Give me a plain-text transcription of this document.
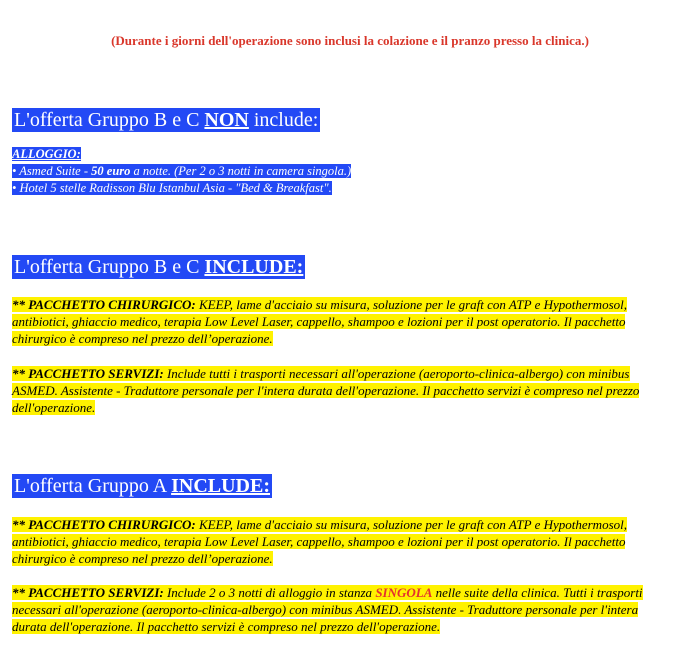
(Durante i giorni dell'operazione sono inclusi la colazione e il pranzo presso la clinica.)
L'offerta Gruppo B e C NON include:
ALLOGGIO:
• Asmed Suite - 50 euro a notte. (Per 2 o 3 notti in camera singola.)
• Hotel 5 stelle Radisson Blu Istanbul Asia - "Bed & Breakfast".
L'offerta Gruppo B e C INCLUDE:
** PACCHETTO CHIRURGICO: KEEP, lame d'acciaio su misura, soluzione per le graft con ATP e Hypothermosol, antibiotici, ghiaccio medico, terapia Low Level Laser, cappello, shampoo e lozioni per il post operatorio. Il pacchetto chirurgico è compreso nel prezzo dell’operazione.
** PACCHETTO SERVIZI: Include tutti i trasporti necessari all'operazione (aeroporto-clinica-albergo) con minibus ASMED. Assistente - Traduttore personale per l'intera durata dell'operazione. Il pacchetto servizi è compreso nel prezzo dell'operazione.
L'offerta Gruppo A INCLUDE:
** PACCHETTO CHIRURGICO: KEEP, lame d'acciaio su misura, soluzione per le graft con ATP e Hypothermosol, antibiotici, ghiaccio medico, terapia Low Level Laser, cappello, shampoo e lozioni per il post operatorio. Il pacchetto chirurgico è compreso nel prezzo dell’operazione.
** PACCHETTO SERVIZI: Include 2 o 3 notti di alloggio in stanza SINGOLA nelle suite della clinica. Tutti i trasporti necessari all'operazione (aeroporto-clinica-albergo) con minibus ASMED. Assistente - Traduttore personale per l'intera durata dell'operazione. Il pacchetto servizi è compreso nel prezzo dell'operazione.
